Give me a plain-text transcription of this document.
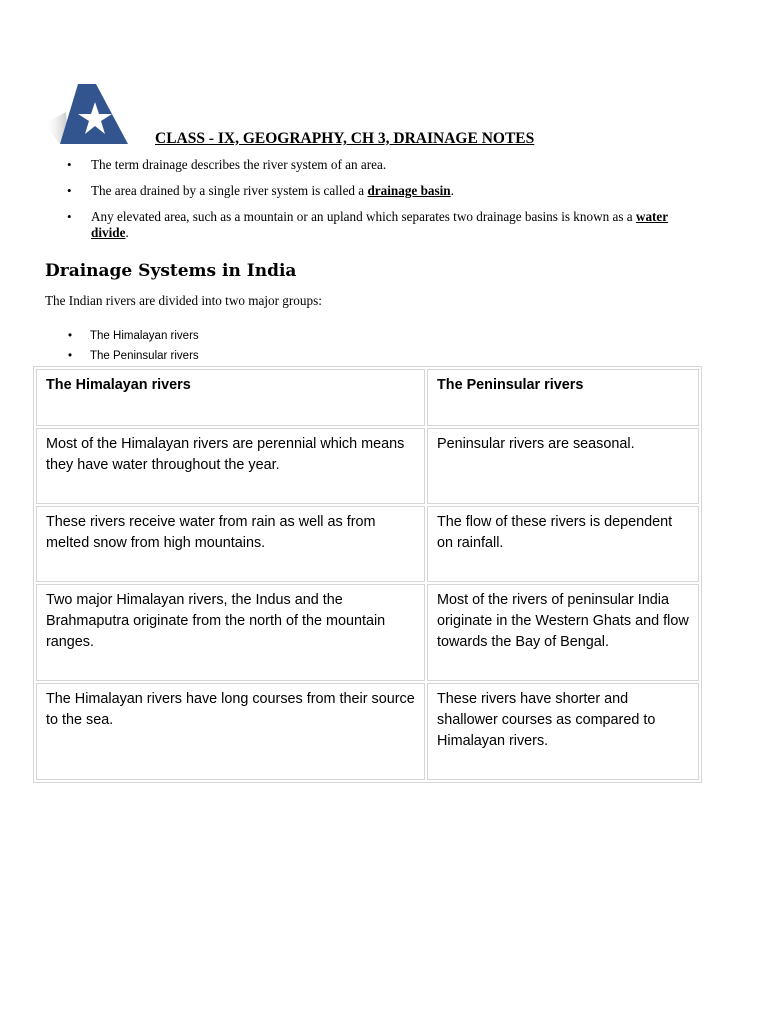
CLASS - IX, GEOGRAPHY, CH 3, DRAINAGE NOTES
• The term drainage describes the river system of an area.
• The area drained by a single river system is called a drainage basin.
• Any elevated area, such as a mountain or an upland which separates two drainage basins is known as a water divide.
Drainage Systems in India

The Indian rivers are divided into two major groups:

• The Himalayan rivers
• The Peninsular rivers
The Himalayan rivers	The Peninsular rivers
Most of the Himalayan rivers are perennial which means they have water throughout the year.	Peninsular rivers are seasonal.
These rivers receive water from rain as well as from melted snow from high mountains.	The flow of these rivers is dependent on rainfall.
Two major Himalayan rivers, the Indus and the Brahmaputra originate from the north of the mountain ranges.	Most of the rivers of peninsular India originate in the Western Ghats and flow towards the Bay of Bengal.
The Himalayan rivers have long courses from their source to the sea.	These rivers have shorter and shallower courses as compared to Himalayan rivers.
